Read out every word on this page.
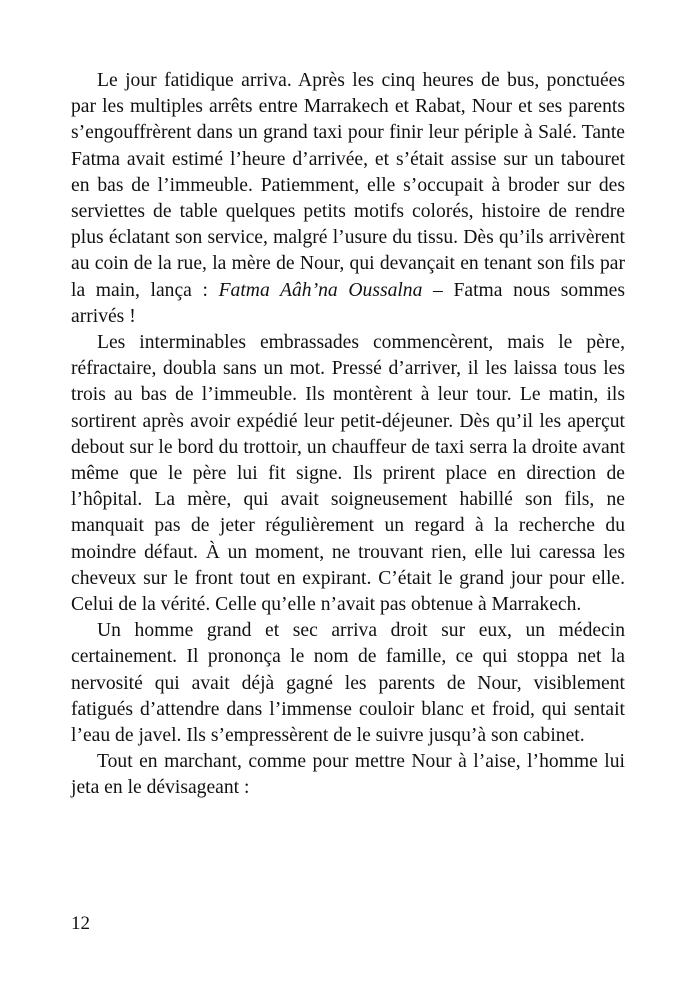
Le jour fatidique arriva. Après les cinq heures de bus, ponctuées par les multiples arrêts entre Marrakech et Rabat, Nour et ses parents s’engouffrèrent dans un grand taxi pour finir leur périple à Salé. Tante Fatma avait estimé l’heure d’arrivée, et s’était assise sur un tabouret en bas de l’immeuble. Patiemment, elle s’occupait à broder sur des serviettes de table quelques petits motifs colorés, histoire de rendre plus éclatant son service, malgré l’usure du tissu. Dès qu’ils arrivèrent au coin de la rue, la mère de Nour, qui devançait en tenant son fils par la main, lança : Fatma Aâh’na Oussalna – Fatma nous sommes arrivés !

Les interminables embrassades commencèrent, mais le père, réfractaire, doubla sans un mot. Pressé d’arriver, il les laissa tous les trois au bas de l’immeuble. Ils montèrent à leur tour. Le matin, ils sortirent après avoir expédié leur petit-déjeuner. Dès qu’il les aperçut debout sur le bord du trottoir, un chauffeur de taxi serra la droite avant même que le père lui fit signe. Ils prirent place en direction de l’hôpital. La mère, qui avait soigneusement habillé son fils, ne manquait pas de jeter régulièrement un regard à la recherche du moindre défaut. À un moment, ne trouvant rien, elle lui caressa les cheveux sur le front tout en expirant. C’était le grand jour pour elle. Celui de la vérité. Celle qu’elle n’avait pas obtenue à Marrakech.

Un homme grand et sec arriva droit sur eux, un médecin certainement. Il prononça le nom de famille, ce qui stoppa net la nervosité qui avait déjà gagné les parents de Nour, visiblement fatigués d’attendre dans l’immense couloir blanc et froid, qui sentait l’eau de javel. Ils s’empressèrent de le suivre jusqu’à son cabinet.

Tout en marchant, comme pour mettre Nour à l’aise, l’homme lui jeta en le dévisageant :

12
